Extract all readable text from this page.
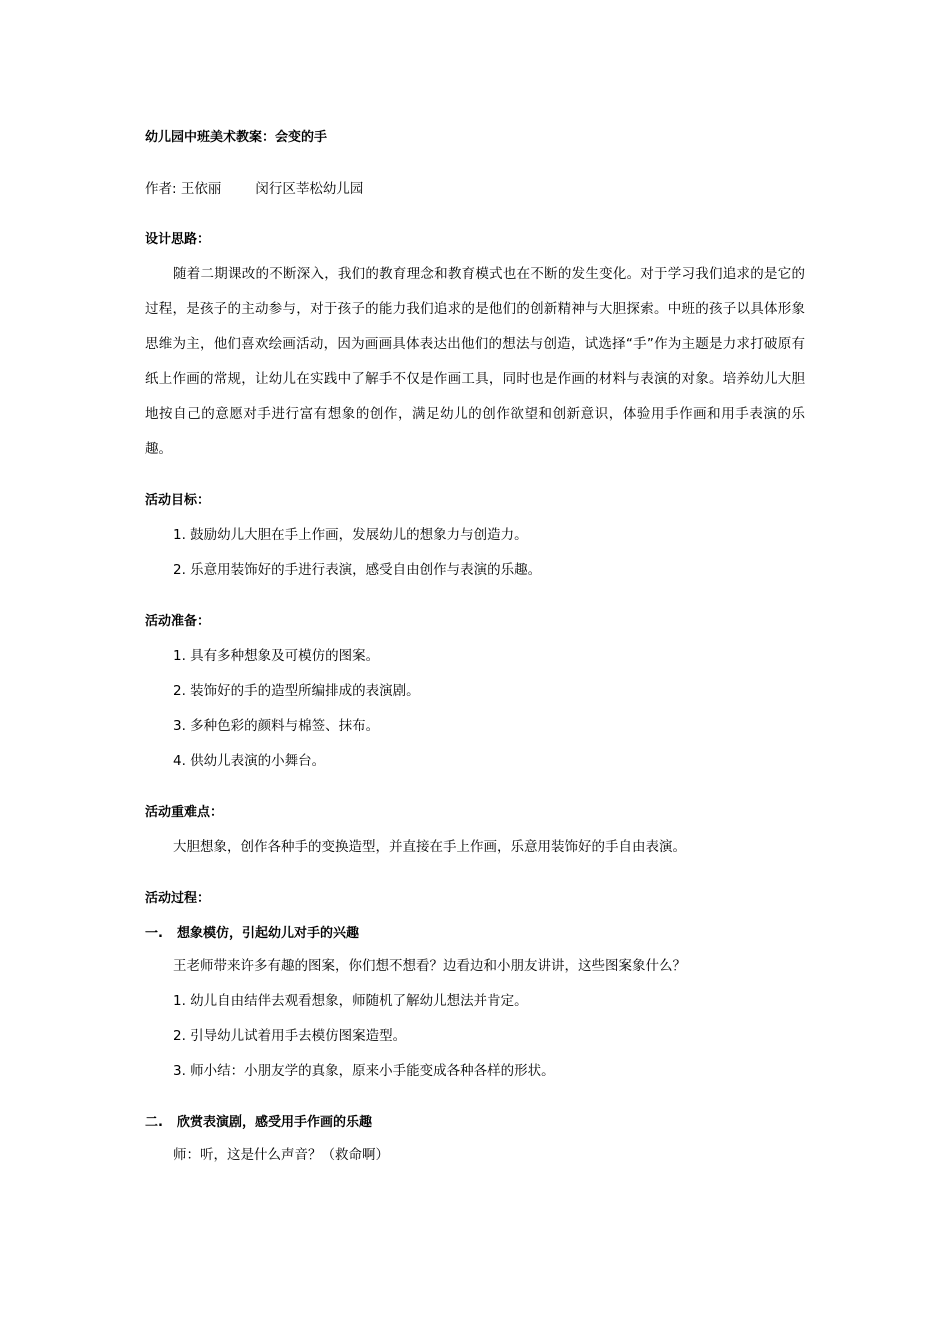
幼儿园中班美术教案：会变的手
作者: 王依丽	闵行区莘松幼儿园
设计思路：

随着二期课改的不断深入，我们的教育理念和教育模式也在不断的发生变化。对于学习我们追求的是它的过程，是孩子的主动参与，对于孩子的能力我们追求的是他们的创新精神与大胆探索。中班的孩子以具体形象思维为主，他们喜欢绘画活动，因为画画具体表达出他们的想法与创造，试选择“手”作为主题是力求打破原有纸上作画的常规，让幼儿在实践中了解手不仅是作画工具，同时也是作画的材料与表演的对象。培养幼儿大胆地按自己的意愿对手进行富有想象的创作，满足幼儿的创作欲望和创新意识，体验用手作画和用手表演的乐趣。

活动目标：

1. 鼓励幼儿大胆在手上作画，发展幼儿的想象力与创造力。

2. 乐意用装饰好的手进行表演，感受自由创作与表演的乐趣。

活动准备：

1. 具有多种想象及可模仿的图案。

2. 装饰好的手的造型所编排成的表演剧。

3. 多种色彩的颜料与棉签、抹布。

4. 供幼儿表演的小舞台。

活动重难点：

大胆想象，创作各种手的变换造型，并直接在手上作画，乐意用装饰好的手自由表演。

活动过程：
一. 想象模仿，引起幼儿对手的兴趣

王老师带来许多有趣的图案，你们想不想看？边看边和小朋友讲讲，这些图案象什么？

1. 幼儿自由结伴去观看想象，师随机了解幼儿想法并肯定。

2. 引导幼儿试着用手去模仿图案造型。

3. 师小结：小朋友学的真象，原来小手能变成各种各样的形状。

二. 欣赏表演剧，感受用手作画的乐趣

师：听，这是什么声音？（救命啊）
